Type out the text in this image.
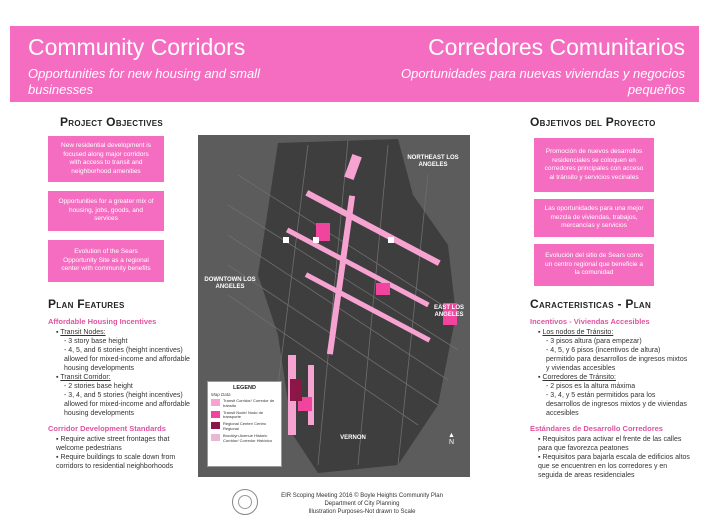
Community Corridors
Opportunities for new housing and small businesses
Corredores Comunitarios
Oportunidades para nuevas viviendas y negocios pequeños
Project Objectives
New residential development is focused along major corridors with access to transit and neighborhood amenities
Opportunities for a greater mix of housing, jobs, goods, and services
Evolution of the Sears Opportunity Site as a regional center with community benefits
Objetivos del Proyecto
Promoción de nuevos desarrollos residenciales se coloquen en corredores principales con acceso al tránsito y servicios vecinales
Las oportunidades para una mejor mezcla de viviendas, trabajos, mercancías y servicios
Evolución del sitio de Sears como un centro regional que beneficie a la comunidad
Plan Features
Affordable Housing Incentives
▪ Transit Nodes:
- 3 story base height
- 4, 5, and 6 stories (height incentives) allowed for mixed-income and affordable housing developments
▪ Transit Corridor:
- 2 stories base height
- 3, 4, and 5 stories (height incentives) allowed for mixed-income and affordable housing developments
Corridor Development Standards
▪ Require active street frontages that welcome pedestrians
▪ Require buildings to scale down from corridors to residential neighborhoods
Caracteristicas - Plan
Incentivos - Viviendas Accesibles
▪ Los nodos de Tránsito:
- 3 pisos altura (para empezar)
- 4, 5, y 6 pisos (incentivos de altura) permitido para desarrollos de ingresos mixtos y viviendas accesibles
▪ Corredores de Tránsito:
- 2 pisos es la altura máxima
- 3, 4, y 5 están permitidos para los desarrollos de ingresos mixtos y de viviendas accesibles
Estándares de Desarrollo Corredores
▪ Requisitos para activar el frente de las calles para que favorezca peatones
▪ Requisitos para bajarla escala de edificios altos que se encuentren en los corredores y en seguida de areas residenciales
NORTHEAST LOS ANGELES
DOWNTOWN LOS ANGELES
EAST LOS ANGELES
VERNON
LEGEND
Map Data
Transit Corridor/ Corredor de tránsito
Transit Node/ Nodo de transporte
Regional Center/ Centro Regional
Brooklyn Avenue Historic Corridor/ Corredor Histórico
▲
N
EIR Scoping Meeting 2016 © Boyle Heights Community Plan
Department of City Planning
Illustration Purposes-Not drawn to Scale
